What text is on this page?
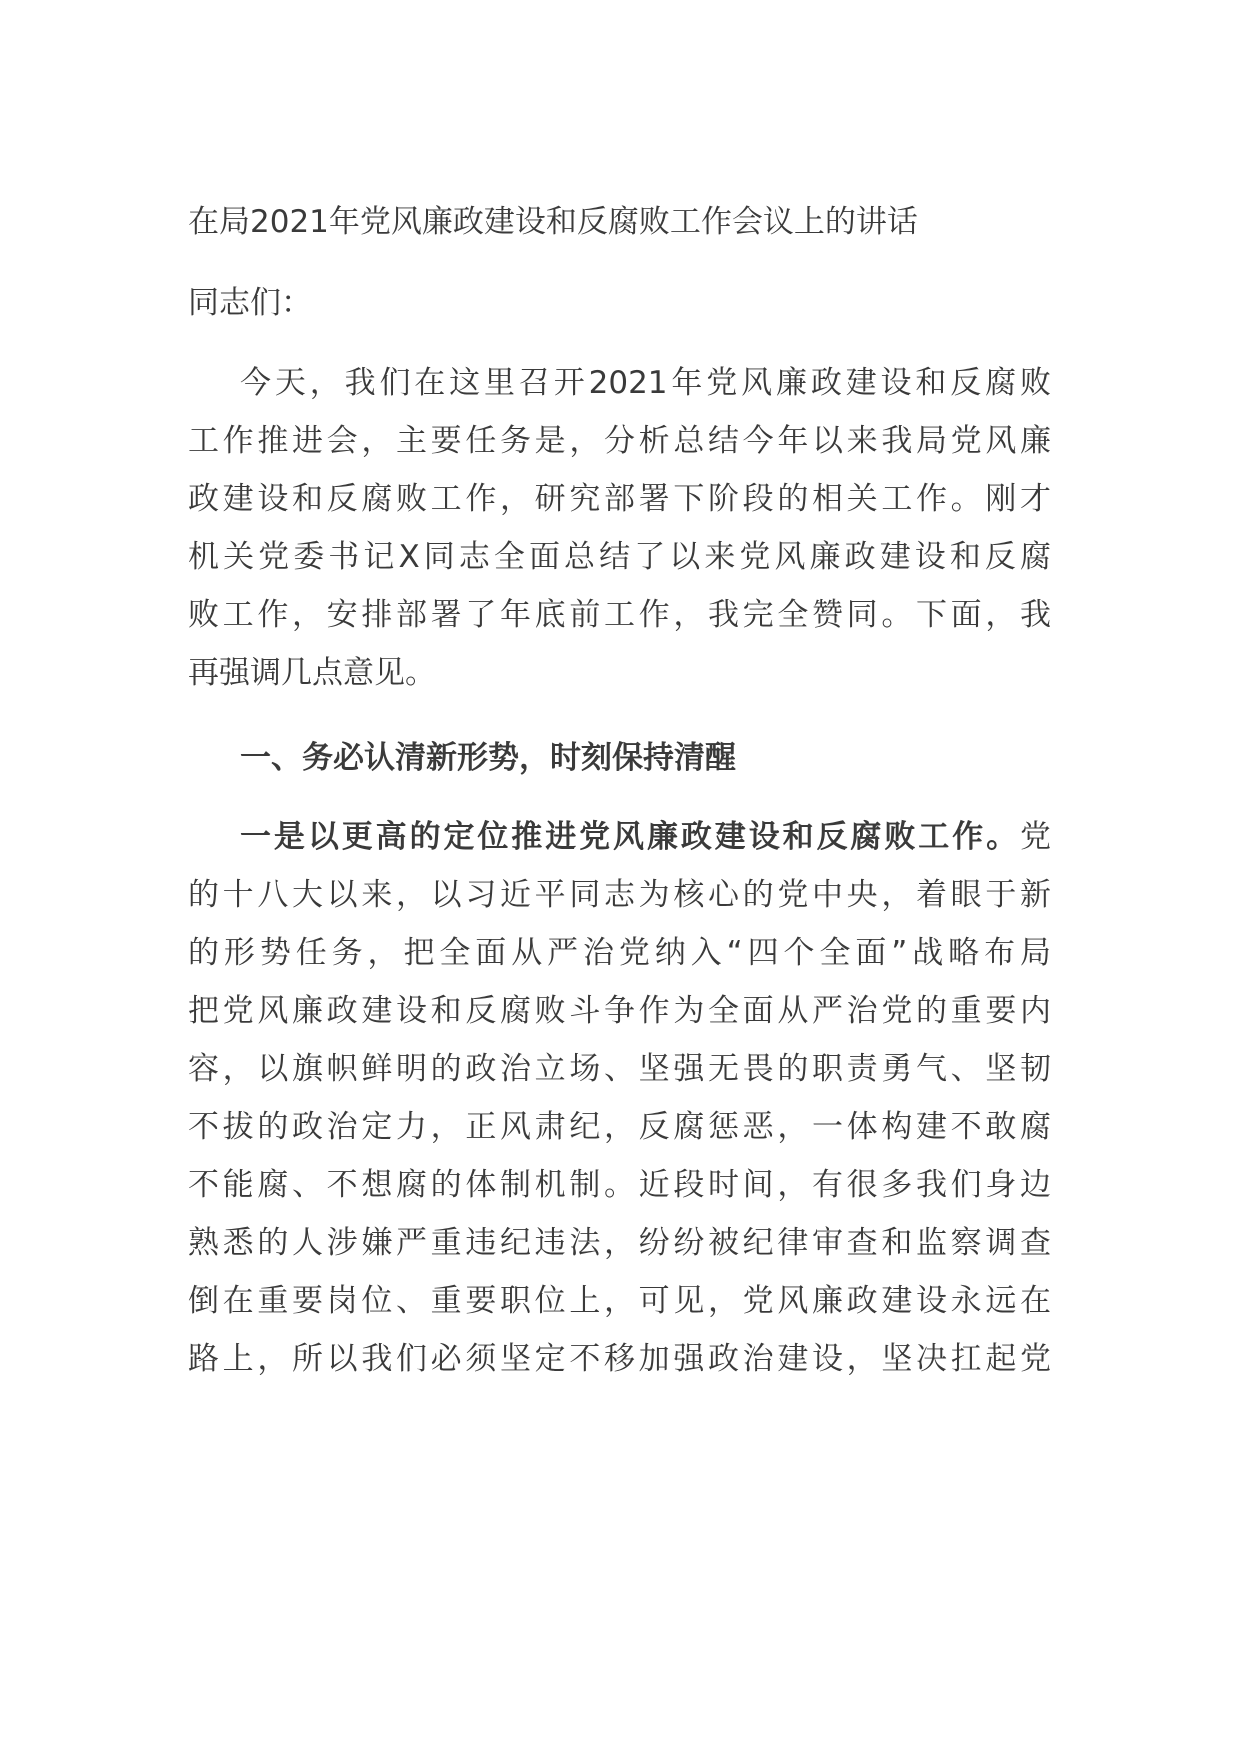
在局2021年党风廉政建设和反腐败工作会议上的讲话
同志们：
今天，我们在这里召开2021年党风廉政建设和反腐败
工作推进会，主要任务是，分析总结今年以来我局党风廉
政建设和反腐败工作，研究部署下阶段的相关工作。刚才
机关党委书记X同志全面总结了以来党风廉政建设和反腐
败工作，安排部署了年底前工作，我完全赞同。下面，我
再强调几点意见。
一、务必认清新形势，时刻保持清醒
一是以更高的定位推进党风廉政建设和反腐败工作。党
的十八大以来，以习近平同志为核心的党中央，着眼于新
的形势任务，把全面从严治党纳入“四个全面”战略布局
把党风廉政建设和反腐败斗争作为全面从严治党的重要内
容，以旗帜鲜明的政治立场、坚强无畏的职责勇气、坚韧
不拔的政治定力，正风肃纪，反腐惩恶，一体构建不敢腐
不能腐、不想腐的体制机制。近段时间，有很多我们身边
熟悉的人涉嫌严重违纪违法，纷纷被纪律审查和监察调查
倒在重要岗位、重要职位上，可见，党风廉政建设永远在
路上，所以我们必须坚定不移加强政治建设，坚决扛起党
